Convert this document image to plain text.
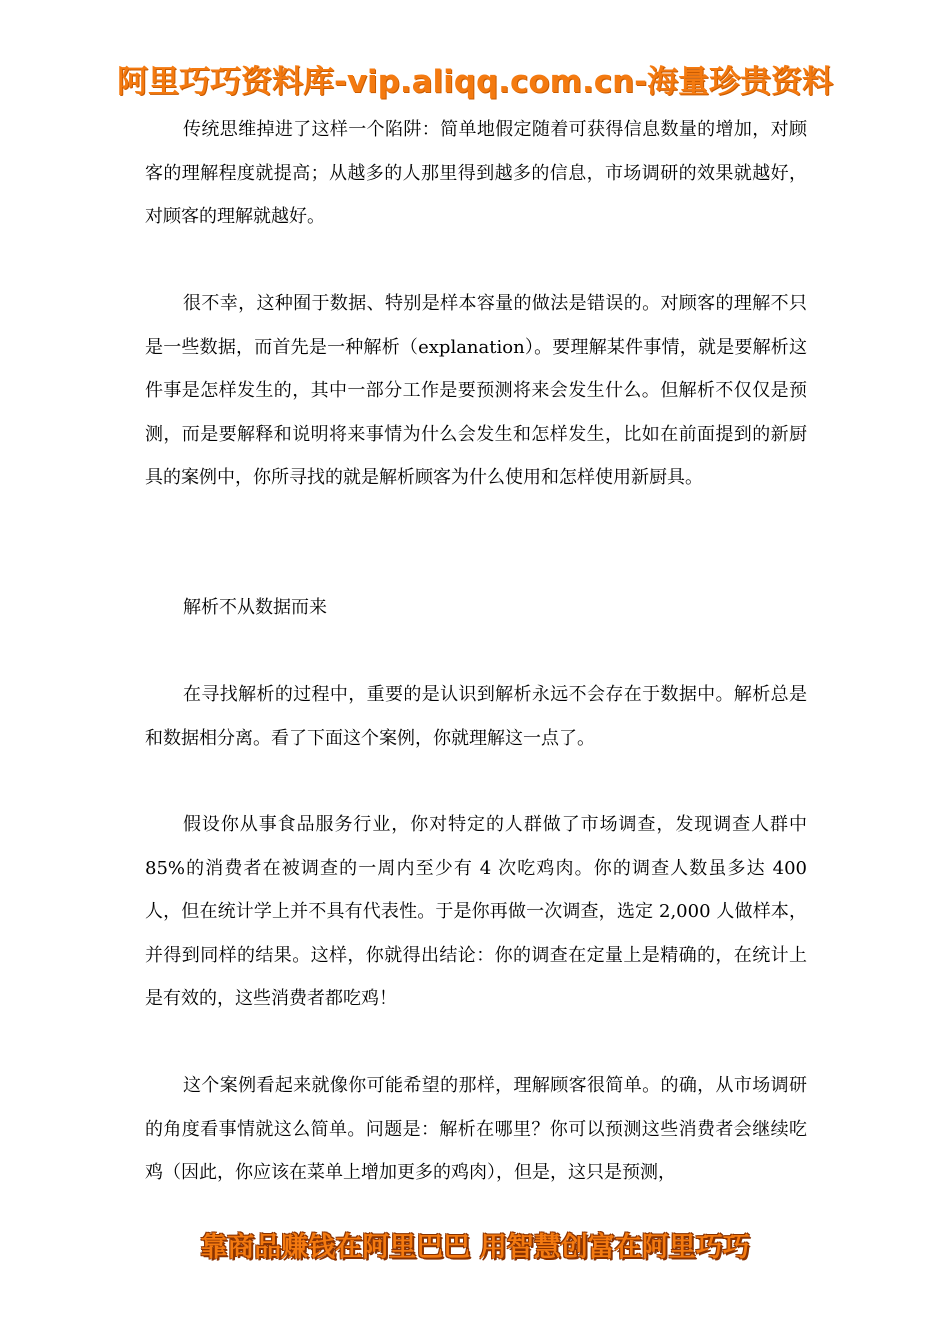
阿里巧巧资料库-vip.aliqq.com.cn-海量珍贵资料

传统思维掉进了这样一个陷阱：简单地假定随着可获得信息数量的增加，对顾客的理解程度就提高；从越多的人那里得到越多的信息，市场调研的效果就越好，对顾客的理解就越好。

很不幸，这种囿于数据、特别是样本容量的做法是错误的。对顾客的理解不只是一些数据，而首先是一种解析（explanation）。要理解某件事情，就是要解析这件事是怎样发生的，其中一部分工作是要预测将来会发生什么。但解析不仅仅是预测，而是要解释和说明将来事情为什么会发生和怎样发生，比如在前面提到的新厨具的案例中，你所寻找的就是解析顾客为什么使用和怎样使用新厨具。

解析不从数据而来

在寻找解析的过程中，重要的是认识到解析永远不会存在于数据中。解析总是和数据相分离。看了下面这个案例，你就理解这一点了。

假设你从事食品服务行业，你对特定的人群做了市场调查，发现调查人群中 85%的消费者在被调查的一周内至少有 4 次吃鸡肉。你的调查人数虽多达 400 人，但在统计学上并不具有代表性。于是你再做一次调查，选定 2,000 人做样本，并得到同样的结果。这样，你就得出结论：你的调查在定量上是精确的，在统计上是有效的，这些消费者都吃鸡！

这个案例看起来就像你可能希望的那样，理解顾客很简单。的确，从市场调研的角度看事情就这么简单。问题是：解析在哪里？你可以预测这些消费者会继续吃鸡（因此，你应该在菜单上增加更多的鸡肉），但是，这只是预测，

靠商品赚钱在阿里巴巴 用智慧创富在阿里巧巧
